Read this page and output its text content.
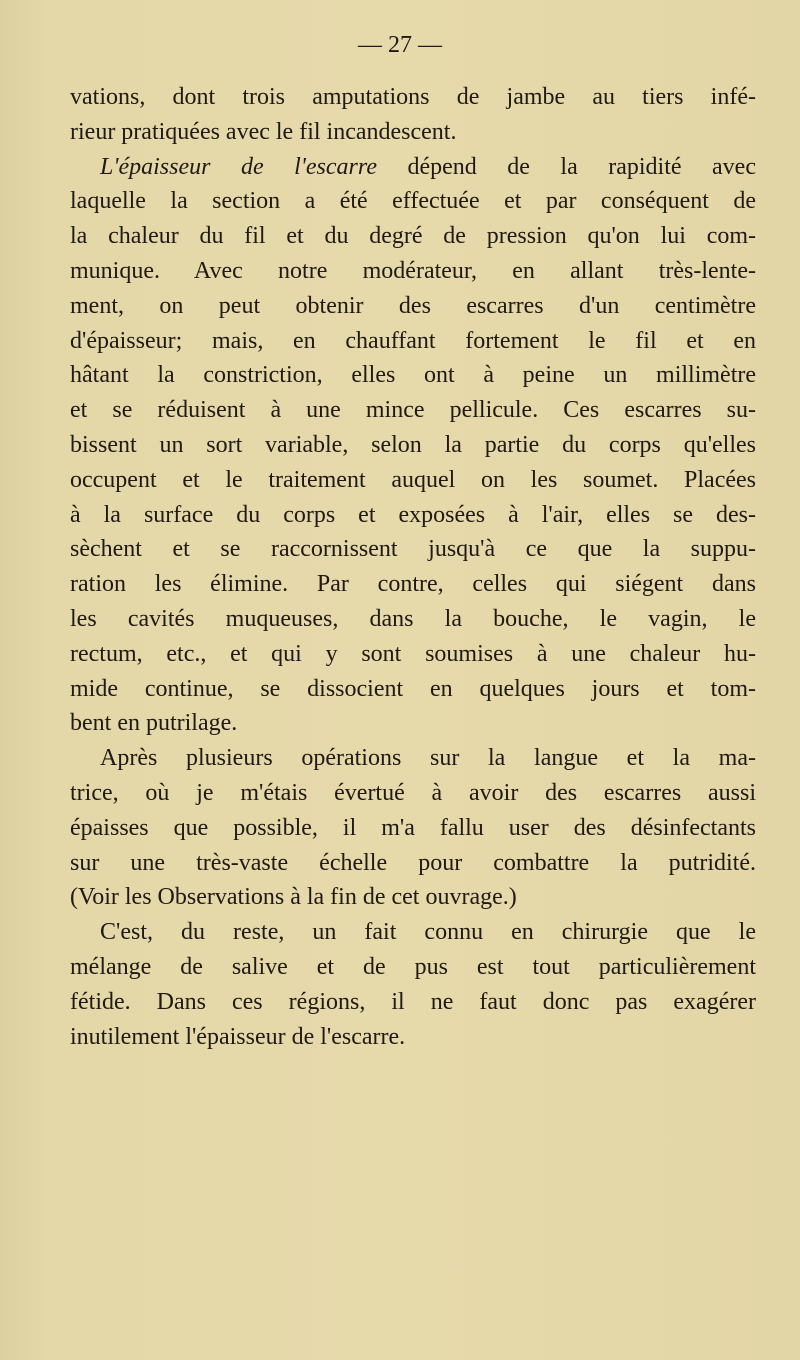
— 27 —
vations, dont trois amputations de jambe au tiers infé-
rieur pratiquées avec le fil incandescent.
L'épaisseur de l'escarre dépend de la rapidité avec
laquelle la section a été effectuée et par conséquent de
la chaleur du fil et du degré de pression qu'on lui com-
munique. Avec notre modérateur, en allant très-lente-
ment, on peut obtenir des escarres d'un centimètre
d'épaisseur; mais, en chauffant fortement le fil et en
hâtant la constriction, elles ont à peine un millimètre
et se réduisent à une mince pellicule. Ces escarres su-
bissent un sort variable, selon la partie du corps qu'elles
occupent et le traitement auquel on les soumet. Placées
à la surface du corps et exposées à l'air, elles se des-
sèchent et se raccornissent jusqu'à ce que la suppu-
ration les élimine. Par contre, celles qui siégent dans
les cavités muqueuses, dans la bouche, le vagin, le
rectum, etc., et qui y sont soumises à une chaleur hu-
mide continue, se dissocient en quelques jours et tom-
bent en putrilage.
Après plusieurs opérations sur la langue et la ma-
trice, où je m'étais évertué à avoir des escarres aussi
épaisses que possible, il m'a fallu user des désinfectants
sur une très-vaste échelle pour combattre la putridité.
(Voir les Observations à la fin de cet ouvrage.)
C'est, du reste, un fait connu en chirurgie que le
mélange de salive et de pus est tout particulièrement
fétide. Dans ces régions, il ne faut donc pas exagérer
inutilement l'épaisseur de l'escarre.
